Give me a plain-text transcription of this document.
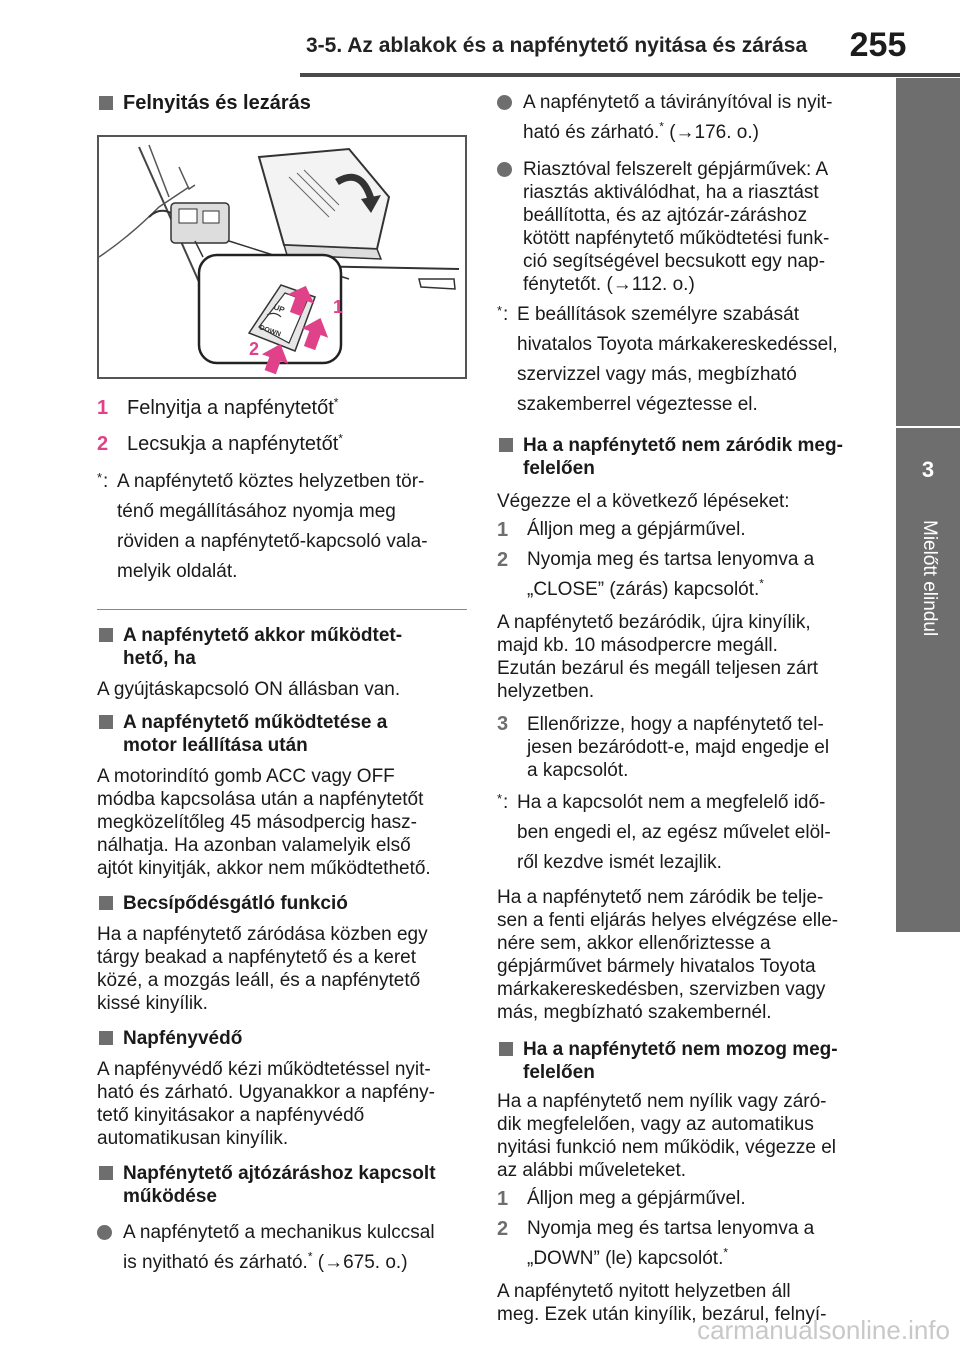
3-5. Az ablakok és a napfénytető nyitása és zárása	255
3
Mielőtt elindul
Felnyitás és lezárás
UP
DOWN
1
2
1 Felnyitja a napfénytetőt*
2 Lecsukja a napfénytetőt*
* : A napfénytető köztes helyzetben tör-
ténő megállításához nyomja meg
röviden a napfénytető-kapcsoló vala-
melyik oldalát.
A napfénytető akkor működtet-
hető, ha

A gyújtáskapcsoló ON állásban van.

A napfénytető működtetése a
motor leállítása után
A motorindító gomb ACC vagy OFF
módba kapcsolása után a napfénytetőt
megközelítőleg 45 másodpercig hasz-
nálhatja. Ha azonban valamelyik első
ajtót kinyitják, akkor nem működtethető.
Becsípődésgátló funkció
Ha a napfénytető záródása közben egy
tárgy beakad a napfénytető és a keret
közé, a mozgás leáll, és a napfénytető
kissé kinyílik.
Napfényvédő
A napfényvédő kézi működtetéssel nyit-
ható és zárható. Ugyanakkor a napfény-
tető kinyitásakor a napfényvédő
automatikusan kinyílik.
Napfénytető ajtózáráshoz kapcsolt
működése
A napfénytető a mechanikus kulccsal
is nyitható és zárható.* (→675. o.)
A napfénytető a távirányítóval is nyit-
ható és zárható.* (→176. o.)
Riasztóval felszerelt gépjárművek: A
riasztás aktiválódhat, ha a riasztást
beállította, és az ajtózár-záráshoz
kötött napfénytető működtetési funk-
ció segítségével becsukott egy nap-
fénytetőt. (→112. o.)
* : E beállítások személyre szabását
hivatalos Toyota márkakereskedéssel,
szervizzel vagy más, megbízható
szakemberrel végeztesse el.
Ha a napfénytető nem záródik meg-
felelően

Végezze el a következő lépéseket:

1 Álljon meg a gépjárművel.
2 Nyomja meg és tartsa lenyomva a
„CLOSE” (zárás) kapcsolót.*
A napfénytető bezáródik, újra kinyílik,
majd kb. 10 másodpercre megáll.
Ezután bezárul és megáll teljesen zárt
helyzetben.
3 Ellenőrizze, hogy a napfénytető tel-
jesen bezáródott-e, majd engedje el
a kapcsolót.
* : Ha a kapcsolót nem a megfelelő idő-
ben engedi el, az egész művelet elöl-
ről kezdve ismét lezajlik.
Ha a napfénytető nem záródik be telje-
sen a fenti eljárás helyes elvégzése elle-
nére sem, akkor ellenőriztesse a
gépjárművet bármely hivatalos Toyota
márkakereskedésben, szervizben vagy
más, megbízható szakembernél.
Ha a napfénytető nem mozog meg-
felelően
Ha a napfénytető nem nyílik vagy záró-
dik megfelelően, vagy az automatikus
nyitási funkció nem működik, végezze el
az alábbi műveleteket.
1 Álljon meg a gépjárművel.
2 Nyomja meg és tartsa lenyomva a
„DOWN” (le) kapcsolót.*
A napfénytető nyitott helyzetben áll
meg. Ezek után kinyílik, bezárul, felnyí-
carmanualsonline.info
